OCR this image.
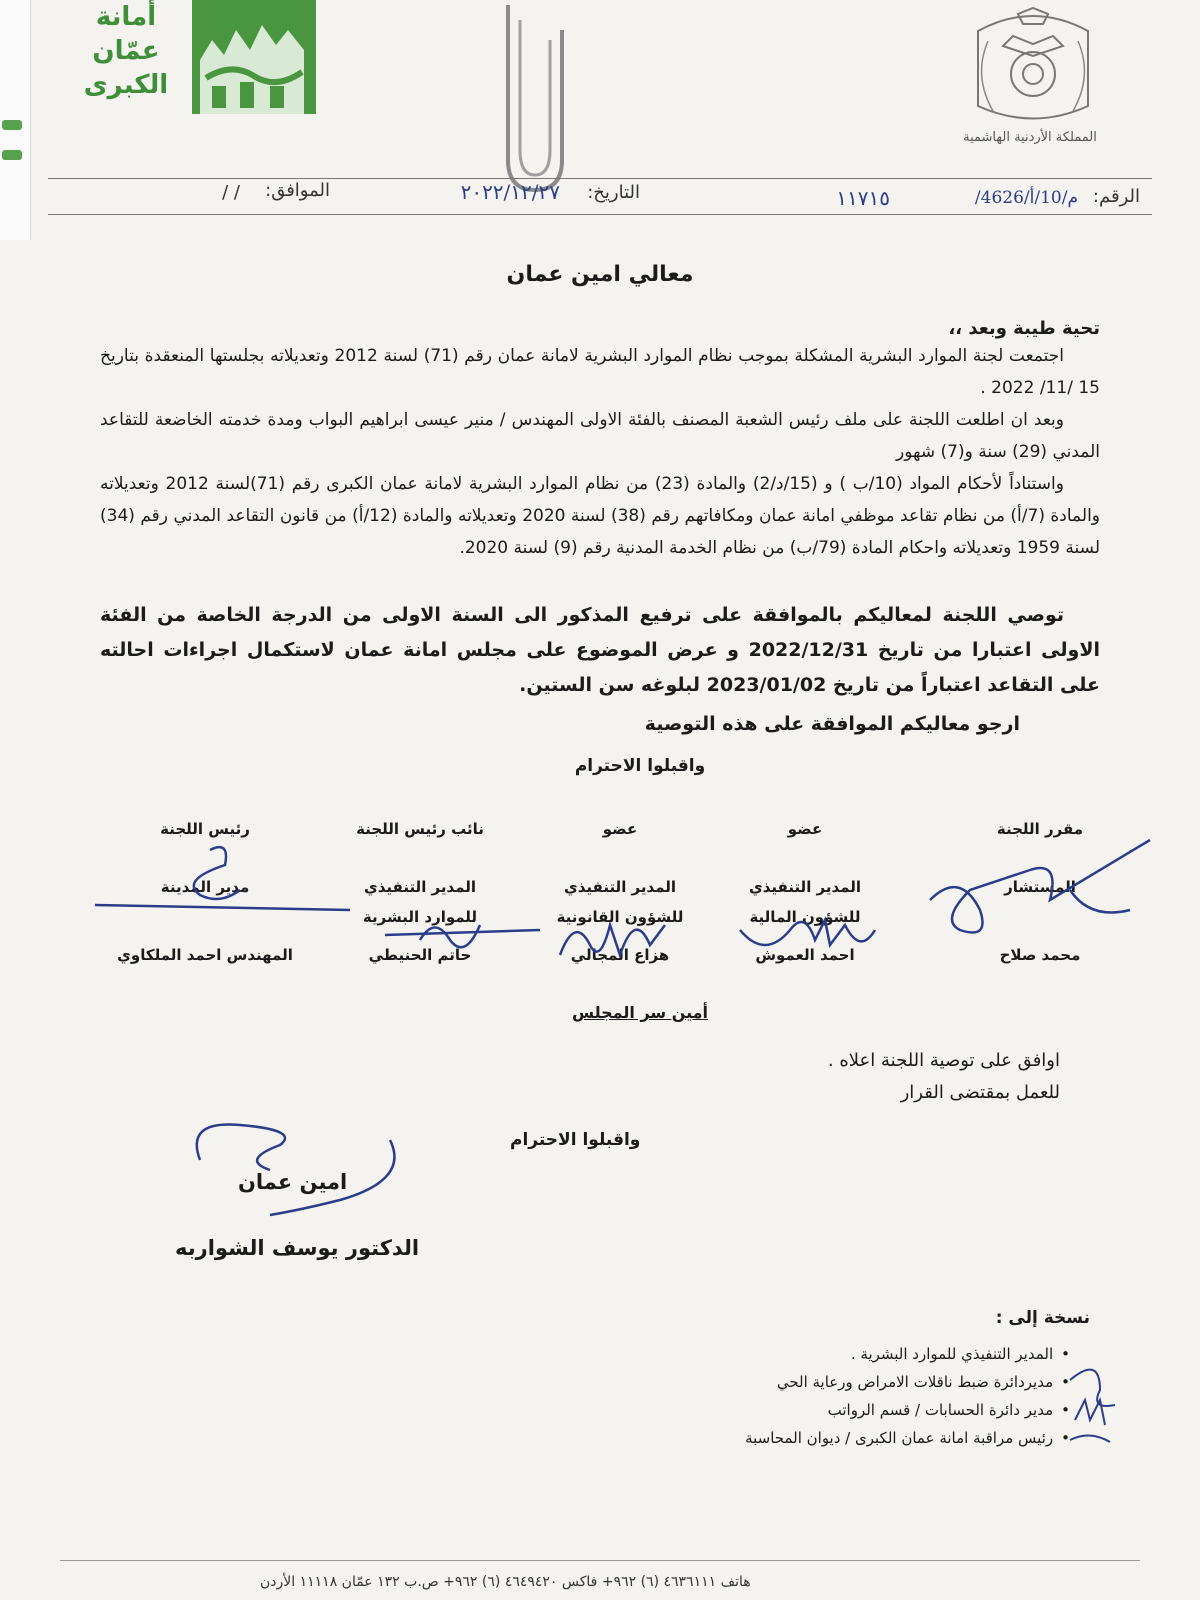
أمانة عمّان الكبرى
المملكة الأردنية الهاشمية
الرقم:
م/10/أ/4626/
١١٧١٥
التاريخ:
٢٠٢٢/١٢/٢٧
الموافق:
/ /
معالي امين عمان
تحية طيبة وبعد ،،
اجتمعت لجنة الموارد البشرية المشكلة بموجب نظام الموارد البشرية لامانة عمان رقم (71) لسنة 2012 وتعديلاته بجلستها المنعقدة بتاريخ 15 /11/ 2022 .
وبعد ان اطلعت اللجنة على ملف رئيس الشعبة المصنف بالفئة الاولى المهندس / منير عيسى ابراهيم البواب ومدة خدمته الخاضعة للتقاعد المدني (29) سنة و(7) شهور
واستناداً لأحكام المواد (10/ب ) و (15/د/2) والمادة (23) من نظام الموارد البشرية لامانة عمان الكبرى رقم (71)لسنة 2012 وتعديلاته والمادة (7/أ) من نظام تقاعد موظفي امانة عمان ومكافاتهم رقم (38) لسنة 2020 وتعديلاته والمادة (12/أ) من قانون التقاعد المدني رقم (34) لسنة 1959 وتعديلاته واحكام المادة (79/ب) من نظام الخدمة المدنية رقم (9) لسنة 2020.
توصي اللجنة لمعاليكم بالموافقة على ترفيع المذكور الى السنة الاولى من الدرجة الخاصة من الفئة الاولى اعتبارا من تاريخ 2022/12/31 و عرض الموضوع على مجلس امانة عمان لاستكمال اجراءات احالته على التقاعد اعتباراً من تاريخ 2023/01/02 لبلوغه سن الستين.
ارجو معاليكم الموافقة على هذه التوصية
واقبلوا الاحترام
مقرر اللجنة
المستشار
محمد صلاح
عضو
المدير التنفيذي
للشؤون المالية
احمد العموش
عضو
المدير التنفيذي
للشؤون القانونية
هزاع المجالي
نائب رئيس اللجنة
المدير التنفيذي
للموارد البشرية
حاتم الحنيطي
رئيس اللجنة
مدير المدينة
المهندس احمد الملكاوي
أمين سر المجلس
اوافق على توصية اللجنة اعلاه .
للعمل بمقتضى القرار
واقبلوا الاحترام
امين عمان
الدكتور يوسف الشواربه
نسخة إلى :
• المدير التنفيذي للموارد البشرية .
• مديردائرة ضبط ناقلات الامراض ورعاية الحي
• مدير دائرة الحسابات / قسم الرواتب
• رئيس مراقبة امانة عمان الكبرى / ديوان المحاسبة
هاتف ٤٦٣٦١١١ (٦) ٩٦٢+ فاكس ٤٦٤٩٤٢٠ (٦) ٩٦٢+ ص.ب ١٣٢ عمّان ١١١١٨ الأردن
